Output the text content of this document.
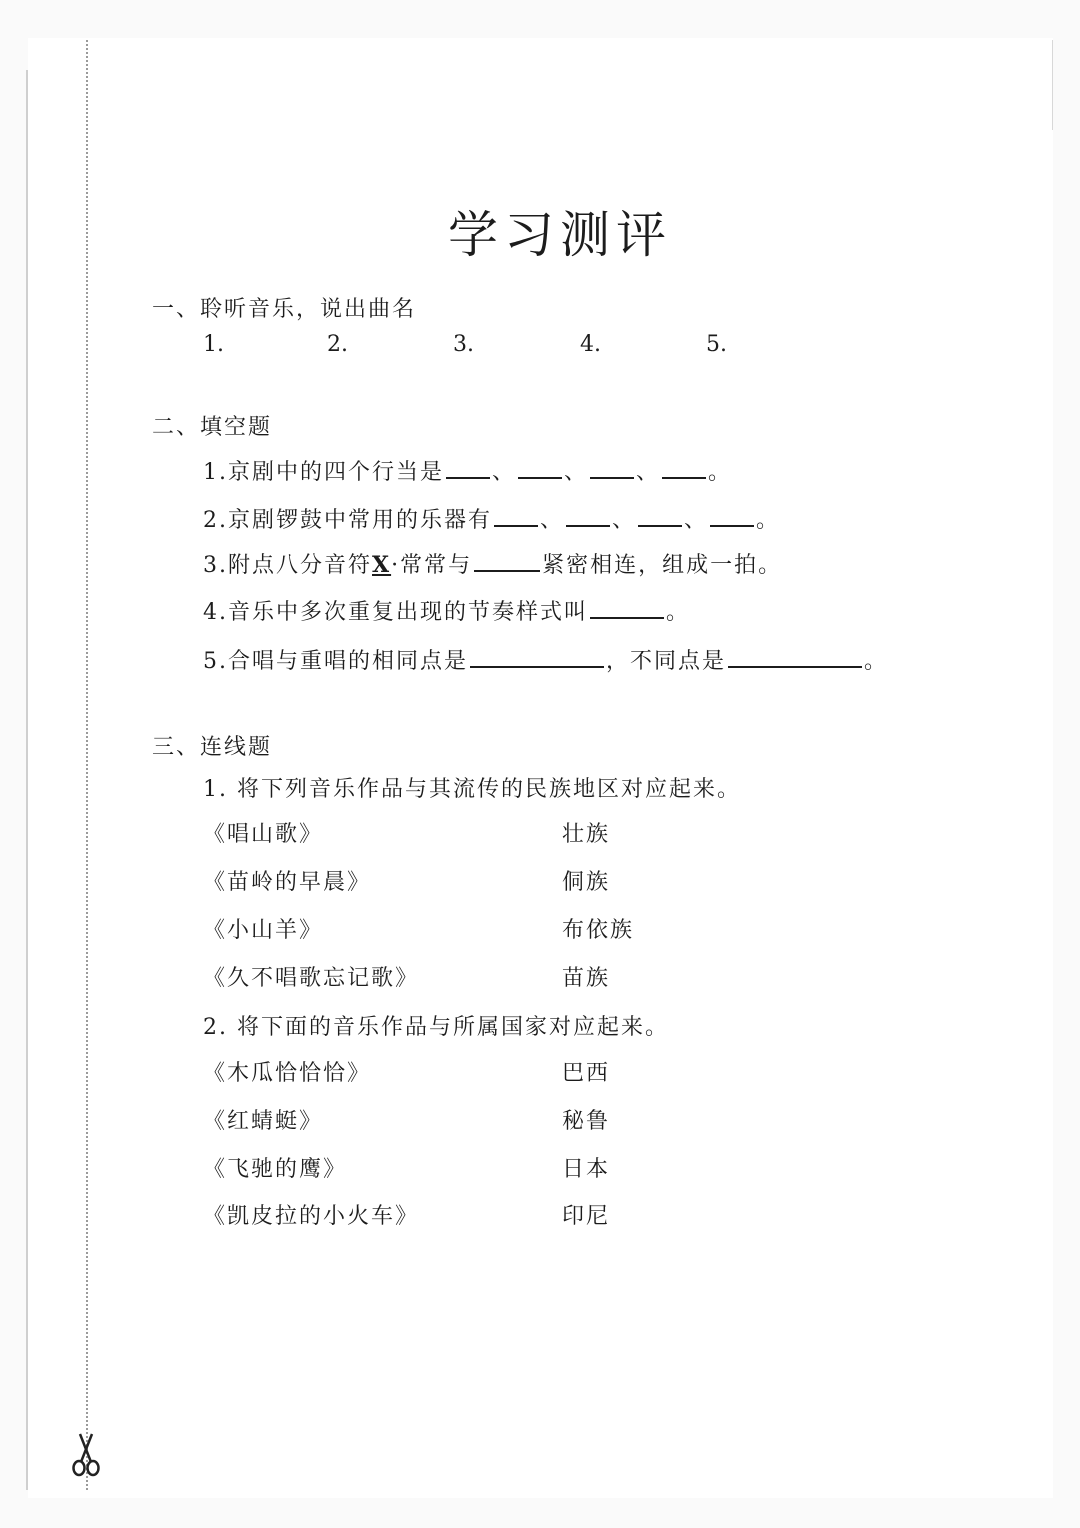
学习测评
一、聆听音乐，说出曲名
1.	2.	3.	4.	5.
二、填空题
1.京剧中的四个行当是 、 、 、 。
2.京剧锣鼓中常用的乐器有 、 、 、 。
3.附点八分音符X·常常与	紧密相连，组成一拍。
4.音乐中多次重复出现的节奏样式叫	。
5.合唱与重唱的相同点是	，不同点是	。
三、连线题
1. 将下列音乐作品与其流传的民族地区对应起来。
《唱山歌》	壮族
《苗岭的早晨》	侗族
《小山羊》	布依族
《久不唱歌忘记歌》	苗族
2. 将下面的音乐作品与所属国家对应起来。
《木瓜恰恰恰》	巴西
《红蜻蜓》	秘鲁
《飞驰的鹰》	日本
《凯皮拉的小火车》	印尼
